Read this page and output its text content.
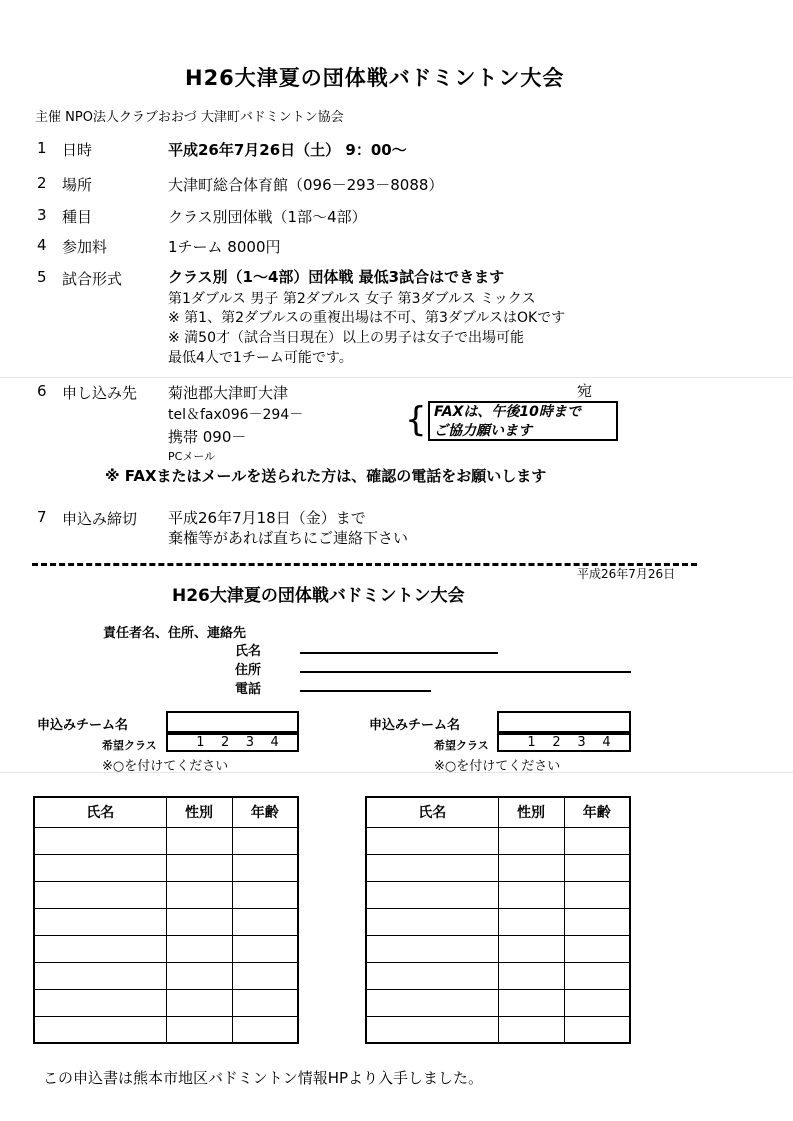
H26大津夏の団体戦バドミントン大会
主催 NPO法人クラブおおづ 大津町バドミントン協会
1 日時	平成26年7月26日（土） 9：00～
2 場所	大津町総合体育館（096－293－8088）
3 種目	クラス別団体戦（1部～4部）
4 参加料	1チーム 8000円
5 試合形式	クラス別（1～4部）団体戦 最低3試合はできます
第1ダブルス 男子 第2ダブルス 女子 第3ダブルス ミックス
※ 第1、第2ダブルスの重複出場は不可、第3ダブルスはOKです
※ 満50才（試合当日現在）以上の男子は女子で出場可能
最低4人で1チーム可能です。
6 申し込み先 菊池郡大津町大津	宛
tel＆fax096－294－
携帯 090－
PCメール
{ FAXは、午後10時まで
ご協力願います
※ FAXまたはメールを送られた方は、確認の電話をお願いします
7 申込み締切 平成26年7月18日（金）まで
棄権等があれば直ちにご連絡下さい
平成26年7月26日
H26大津夏の団体戦バドミントン大会
責任者名、住所、連絡先
氏名
住所
電話
申込みチーム名
希望クラス	1 2 3 4
※○を付けてください
申込みチーム名
希望クラス	1 2 3 4
※○を付けてください
氏名	性別	年齢

			氏名	性別	年齢

この申込書は熊本市地区バドミントン情報HPより入手しました。
